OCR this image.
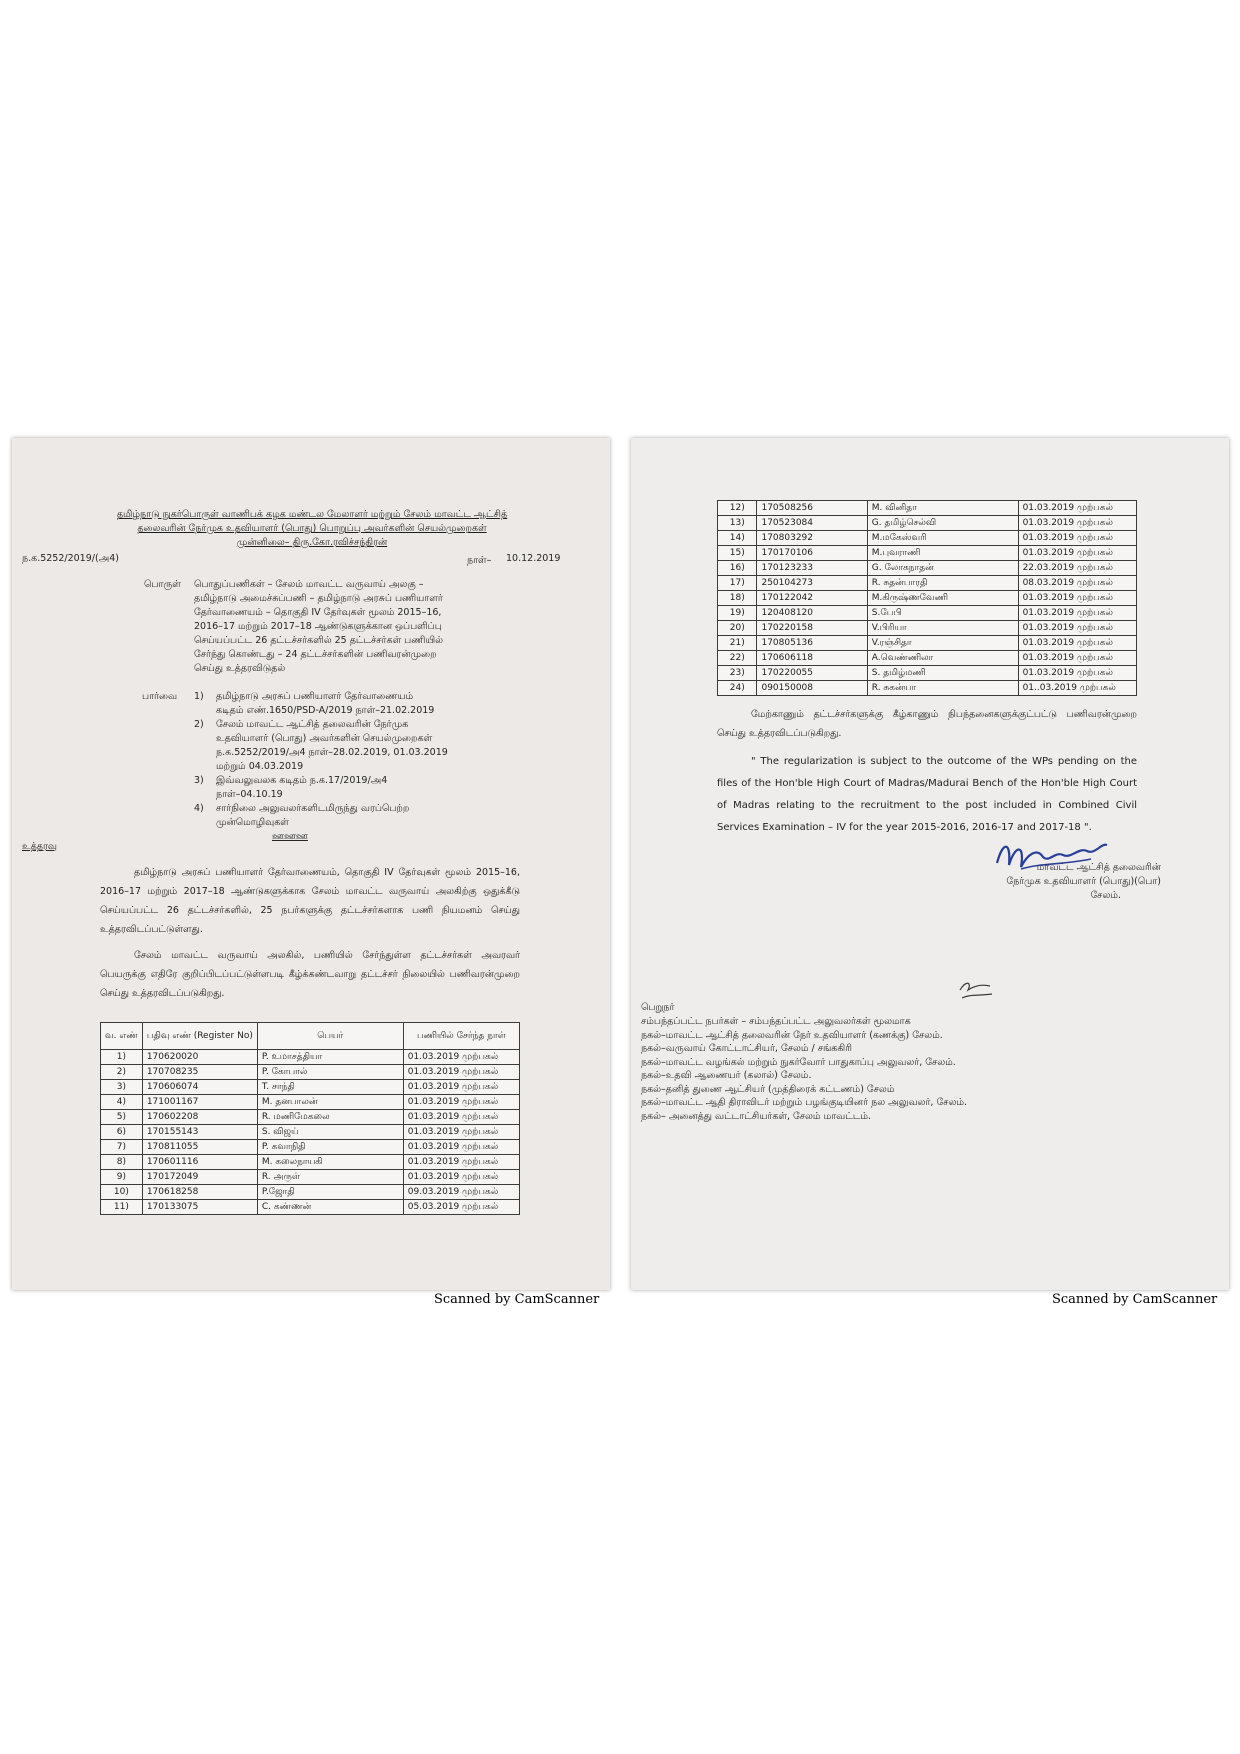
தமிழ்நாடு நுகர்பொருள் வாணிபக் கழக மண்டல மேலாளர் மற்றும் சேலம் மாவட்ட ஆட்சித்
தலைவரின் நேர்முக உதவியாளர் (பொது) பொறுப்பு அவர்களின் செயல்முறைகள்
முன்னிலை– திரு.கோ.ரவிச்சந்திரன்
ந.க.5252/2019/(அ4)	நாள்– 10.12.2019
பொருள் பொதுப்பணிகள் – சேலம் மாவட்ட வருவாய் அலகு –
தமிழ்நாடு அமைச்சுப்பணி – தமிழ்நாடு அரசுப் பணியாளர்
தேர்வாணையம் – தொகுதி IV தேர்வுகள் மூலம் 2015–16,
2016–17 மற்றும் 2017–18 ஆண்டுகளுக்கான ஒப்பளிப்பு
செய்யப்பட்ட 26 தட்டச்சர்களில் 25 தட்டச்சர்கள் பணியில்
சேர்ந்து கொண்டது – 24 தட்டச்சர்களின் பணிவரன்முறை
செய்து உத்தரவிடுதல்
பார்வை 1) தமிழ்நாடு அரசுப் பணியாளர் தேர்வாணையம்
கடிதம் எண்.1650/PSD-A/2019 நாள்–21.02.2019
2) சேலம் மாவட்ட ஆட்சித் தலைவரின் நேர்முக
உதவியாளர் (பொது) அவர்களின் செயல்முறைகள்
ந.க.5252/2019/அ4 நாள்–28.02.2019, 01.03.2019
மற்றும் 04.03.2019
3) இவ்வலுவலக கடிதம் ந.க.17/2019/அ4
நாள்–04.10.19
4) சார்நிலை அலுவலர்களிடமிருந்து வரப்பெற்ற
முன்மொழிவுகள்
ஊஊஊ
உத்தரவு
தமிழ்நாடு அரசுப் பணியாளர் தேர்வாணையம், தொகுதி IV தேர்வுகள் மூலம் 2015–16, 2016–17 மற்றும் 2017–18 ஆண்டுகளுக்காக சேலம் மாவட்ட வருவாய் அலகிற்கு ஒதுக்கீடு செய்யப்பட்ட 26 தட்டச்சர்களில், 25 நபர்களுக்கு தட்டச்சர்களாக பணி நியமனம் செய்து உத்தரவிடப்பட்டுள்ளது.
சேலம் மாவட்ட வருவாய் அலகில், பணியில் சேர்ந்துள்ள தட்டச்சர்கள் அவரவர் பெயருக்கு எதிரே குறிப்பிடப்பட்டுள்ளபடி கீழ்க்கண்டவாறு தட்டச்சர் நிலையில் பணிவரன்முறை செய்து உத்தரவிடப்படுகிறது.
வ. எண்	பதிவு எண் (Register No)	பெயர்	பணியில் சேர்ந்த நாள்
1)	170620020	P. உமாசத்தியா	01.03.2019 முற்பகல்
2)	170708235	P. கோபால்	01.03.2019 முற்பகல்
3)	170606074	T. சாந்தி	01.03.2019 முற்பகல்
4)	171001167	M. தனபாலன்	01.03.2019 முற்பகல்
5)	170602208	R. மணிமேகலை	01.03.2019 முற்பகல்
6)	170155143	S. விஜய்	01.03.2019 முற்பகல்
7)	170811055	P. கவாநிதி	01.03.2019 முற்பகல்
8)	170601116	M. கலைநாயகி	01.03.2019 முற்பகல்
9)	170172049	R. அருள்	01.03.2019 முற்பகல்
10)	170618258	P.ஜோதி	09.03.2019 முற்பகல்
11)	170133075	C. கண்ணன்	05.03.2019 முற்பகல்
12)	170508256	M. வினிதா	01.03.2019 முற்பகல்
13)	170523084	G. தமிழ்செல்வி	01.03.2019 முற்பகல்
14)	170803292	M.மகேஸ்வரி	01.03.2019 முற்பகல்
15)	170170106	M.புவராணி	01.03.2019 முற்பகல்
16)	170123233	G. லோகநாதன்	22.03.2019 முற்பகல்
17)	250104273	R. சுதன்பாரதி	08.03.2019 முற்பகல்
18)	170122042	M.கிருஷ்ணவேணி	01.03.2019 முற்பகல்
19)	120408120	S.பேபி	01.03.2019 முற்பகல்
20)	170220158	V.பிரியா	01.03.2019 முற்பகல்
21)	170805136	V.ரஞ்சிதா	01.03.2019 முற்பகல்
22)	170606118	A.வெண்ணிலா	01.03.2019 முற்பகல்
23)	170220055	S. தமிழ்மணி	01.03.2019 முற்பகல்
24)	090150008	R. சுகன்யா	01..03.2019 முற்பகல்
மேற்காணும் தட்டச்சர்களுக்கு கீழ்காணும் நிபந்தனைகளுக்குட்பட்டு பணிவரன்முறை செய்து உத்தரவிடப்படுகிறது.
" The regularization is subject to the outcome of the WPs pending on the files of the Hon'ble High Court of Madras/Madurai Bench of the Hon'ble High Court of Madras relating to the recruitment to the post included in Combined Civil Services Examination – IV for the year 2015-2016, 2016-17 and 2017-18 ".
மாவட்ட ஆட்சித் தலைவரின்
நேர்முக உதவியாளர் (பொது)(பொ)
சேலம்.
பெறுநர்
சம்பந்தப்பட்ட நபர்கள் – சம்பந்தப்பட்ட அலுவலர்கள் மூலமாக
நகல்–மாவட்ட ஆட்சித் தலைவரின் நேர் உதவியாளர் (கணக்கு) சேலம்.
நகல்–வருவாய் கோட்டாட்சியர், சேலம் / சங்ககிரி
நகல்–மாவட்ட வழங்கல் மற்றும் நுகர்வோர் பாதுகாப்பு அலுவலர், சேலம்.
நகல்–உதவி ஆணையர் (கலால்) சேலம்.
நகல்–தனித் துணை ஆட்சியர் (முத்திரைக் கட்டணம்) சேலம்
நகல்–மாவட்ட ஆதி திராவிடர் மற்றும் பழங்குடியினர் நல அலுவலர், சேலம்.
நகல்– அனைத்து வட்டாட்சியர்கள், சேலம் மாவட்டம்.
Scanned by CamScanner	Scanned by CamScanner
